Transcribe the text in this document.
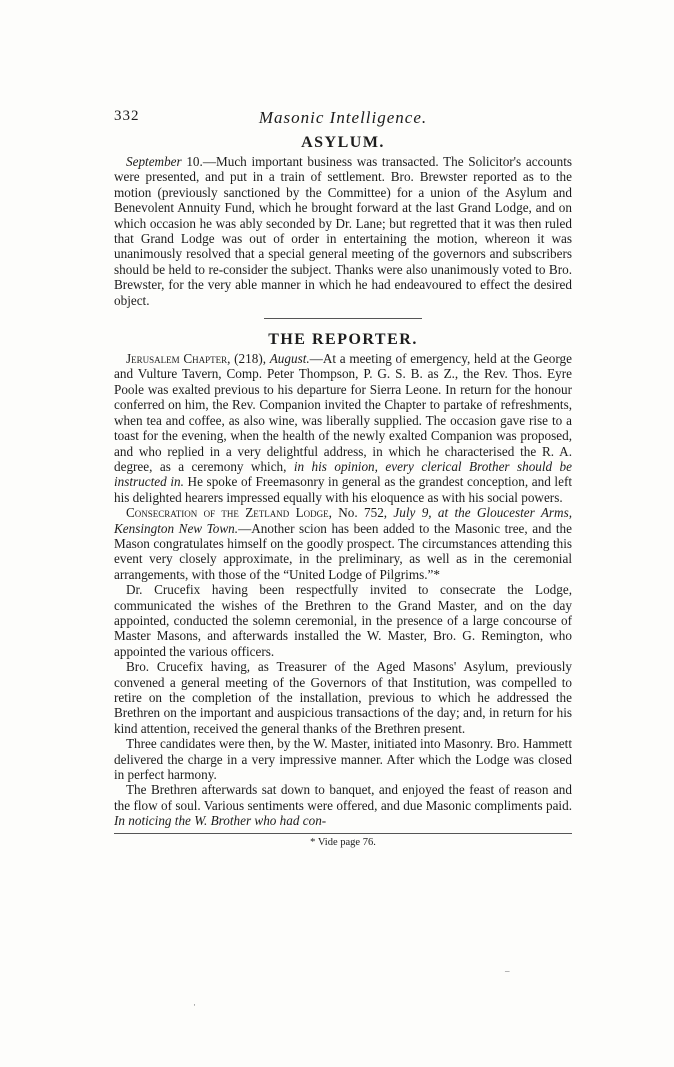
332	Masonic Intelligence.
ASYLUM.

September 10.—Much important business was transacted. The Solicitor's accounts were presented, and put in a train of settlement. Bro. Brewster reported as to the motion (previously sanctioned by the Committee) for a union of the Asylum and Benevolent Annuity Fund, which he brought forward at the last Grand Lodge, and on which occasion he was ably seconded by Dr. Lane; but regretted that it was then ruled that Grand Lodge was out of order in entertaining the motion, whereon it was unanimously resolved that a special general meeting of the governors and subscribers should be held to re-consider the subject. Thanks were also unanimously voted to Bro. Brewster, for the very able manner in which he had endeavoured to effect the desired object.

THE REPORTER.

Jerusalem Chapter, (218), August.—At a meeting of emergency, held at the George and Vulture Tavern, Comp. Peter Thompson, P. G. S. B. as Z., the Rev. Thos. Eyre Poole was exalted previous to his departure for Sierra Leone. In return for the honour conferred on him, the Rev. Companion invited the Chapter to partake of refreshments, when tea and coffee, as also wine, was liberally supplied. The occasion gave rise to a toast for the evening, when the health of the newly exalted Companion was proposed, and who replied in a very delightful address, in which he characterised the R. A. degree, as a ceremony which, in his opinion, every clerical Brother should be instructed in. He spoke of Freemasonry in general as the grandest conception, and left his delighted hearers impressed equally with his eloquence as with his social powers.

Consecration of the Zetland Lodge, No. 752, July 9, at the Gloucester Arms, Kensington New Town.—Another scion has been added to the Masonic tree, and the Mason congratulates himself on the goodly prospect. The circumstances attending this event very closely approximate, in the preliminary, as well as in the ceremonial arrangements, with those of the “United Lodge of Pilgrims.”*

Dr. Crucefix having been respectfully invited to consecrate the Lodge, communicated the wishes of the Brethren to the Grand Master, and on the day appointed, conducted the solemn ceremonial, in the presence of a large concourse of Master Masons, and afterwards installed the W. Master, Bro. G. Remington, who appointed the various officers.

Bro. Crucefix having, as Treasurer of the Aged Masons' Asylum, previously convened a general meeting of the Governors of that Institution, was compelled to retire on the completion of the installation, previous to which he addressed the Brethren on the important and auspicious transactions of the day; and, in return for his kind attention, received the general thanks of the Brethren present.

Three candidates were then, by the W. Master, initiated into Masonry. Bro. Hammett delivered the charge in a very impressive manner. After which the Lodge was closed in perfect harmony.

The Brethren afterwards sat down to banquet, and enjoyed the feast of reason and the flow of soul. Various sentiments were offered, and due Masonic compliments paid. In noticing the W. Brother who had con-

* Vide page 76.
·
–
